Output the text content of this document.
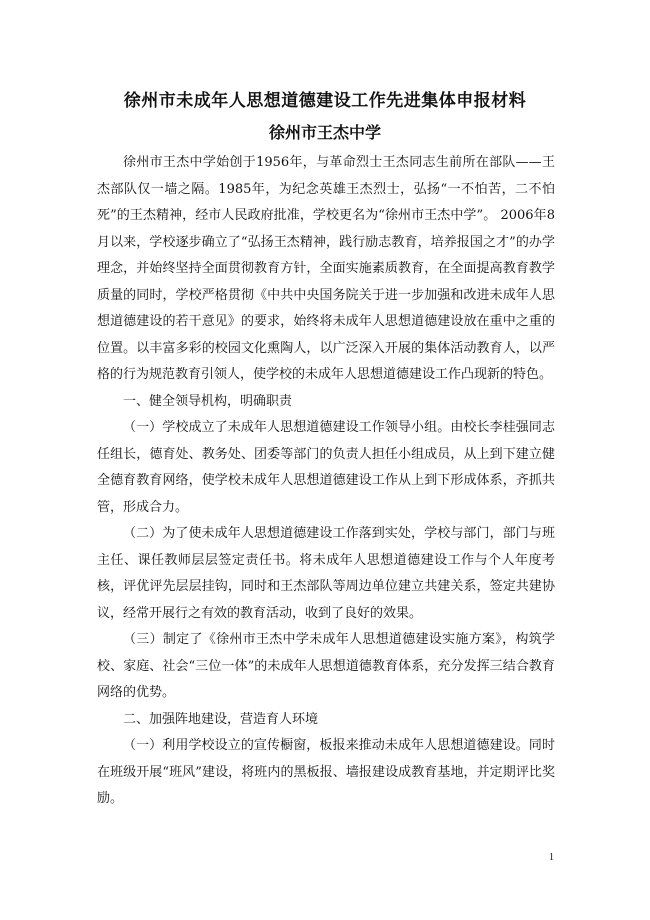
徐州市未成年人思想道德建设工作先进集体申报材料
徐州市王杰中学

徐州市王杰中学始创于1956年，与革命烈士王杰同志生前所在部队——王杰部队仅一墙之隔。1985年，为纪念英雄王杰烈士，弘扬“一不怕苦，二不怕死”的王杰精神，经市人民政府批准，学校更名为“徐州市王杰中学”。 2006年8月以来，学校逐步确立了“弘扬王杰精神，践行励志教育，培养报国之才”的办学理念，并始终坚持全面贯彻教育方针，全面实施素质教育，在全面提高教育教学质量的同时，学校严格贯彻《中共中央国务院关于进一步加强和改进未成年人思想道德建设的若干意见》的要求，始终将未成年人思想道德建设放在重中之重的位置。以丰富多彩的校园文化熏陶人，以广泛深入开展的集体活动教育人，以严格的行为规范教育引领人，使学校的未成年人思想道德建设工作凸现新的特色。

一、健全领导机构，明确职责

（一）学校成立了未成年人思想道德建设工作领导小组。由校长李桂强同志任组长，德育处、教务处、团委等部门的负责人担任小组成员，从上到下建立健全德育教育网络，使学校未成年人思想道德建设工作从上到下形成体系，齐抓共管，形成合力。

（二）为了使未成年人思想道德建设工作落到实处，学校与部门，部门与班主任、课任教师层层签定责任书。将未成年人思想道德建设工作与个人年度考核，评优评先层层挂钩，同时和王杰部队等周边单位建立共建关系，签定共建协议，经常开展行之有效的教育活动，收到了良好的效果。

（三）制定了《徐州市王杰中学未成年人思想道德建设实施方案》，构筑学校、家庭、社会“三位一体”的未成年人思想道德教育体系，充分发挥三结合教育网络的优势。

二、加强阵地建设，营造育人环境

（一）利用学校设立的宣传橱窗，板报来推动未成年人思想道德建设。同时在班级开展“班风”建设，将班内的黑板报、墙报建设成教育基地，并定期评比奖励。

1
